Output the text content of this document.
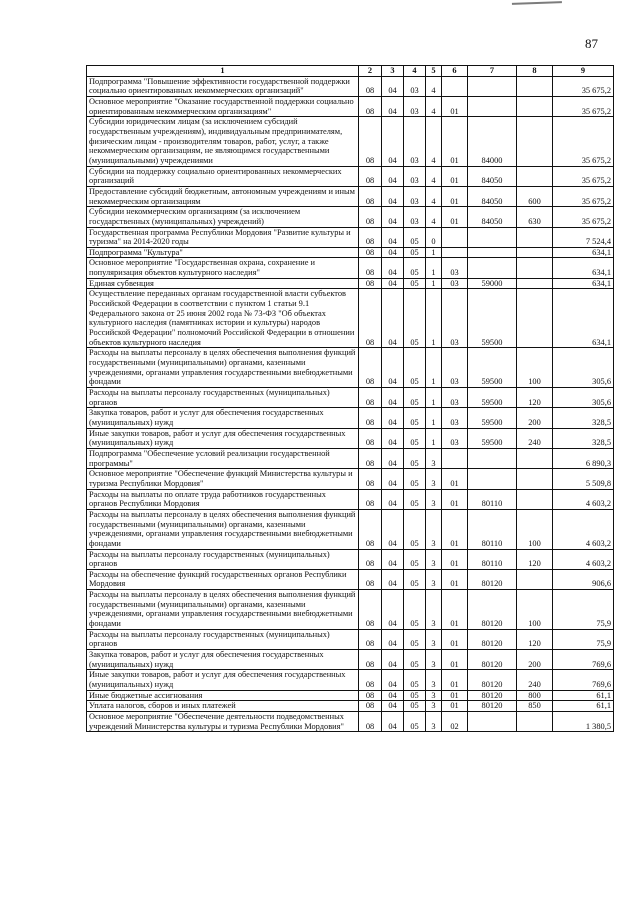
87
1	2	3	4	5	6	7	8	9
Подпрограмма "Повышение эффективности государственной поддержки социально ориентированных некоммерческих организаций"	08	04	03	4				35 675,2
Основное мероприятие "Оказание государственной поддержки социально ориентированным некоммерческим организациям"	08	04	03	4	01			35 675,2
Субсидии юридическим лицам (за исключением субсидий государственным учреждениям), индивидуальным предпринимателям, физическим лицам - производителям товаров, работ, услуг, а также некоммерческим организациям, не являющимся государственными (муниципальными) учреждениями	08	04	03	4	01	84000		35 675,2
Субсидии на поддержку социально ориентированных некоммерческих организаций	08	04	03	4	01	84050		35 675,2
Предоставление субсидий бюджетным, автономным учреждениям и иным некоммерческим организациям	08	04	03	4	01	84050	600	35 675,2
Субсидии некоммерческим организациям (за исключением государственных (муниципальных) учреждений)	08	04	03	4	01	84050	630	35 675,2
Государственная программа Республики Мордовия "Развитие культуры и туризма" на 2014-2020 годы	08	04	05	0				7 524,4
Подпрограмма "Культура"	08	04	05	1				634,1
Основное мероприятие "Государственная охрана, сохранение и популяризация объектов культурного наследия"	08	04	05	1	03			634,1
Единая субвенция	08	04	05	1	03	59000		634,1
Осуществление переданных органам государственной власти субъектов Российской Федерации в соответствии с пунктом 1 статьи 9.1 Федерального закона от 25 июня 2002 года № 73-ФЗ "Об объектах культурного наследия (памятниках истории и культуры) народов Российской Федерации" полномочий Российской Федерации в отношении объектов культурного наследия	08	04	05	1	03	59500		634,1
Расходы на выплаты персоналу в целях обеспечения выполнения функций государственными (муниципальными) органами, казенными учреждениями, органами управления государственными внебюджетными фондами	08	04	05	1	03	59500	100	305,6
Расходы на выплаты персоналу государственных (муниципальных) органов	08	04	05	1	03	59500	120	305,6
Закупка товаров, работ и услуг для обеспечения государственных (муниципальных) нужд	08	04	05	1	03	59500	200	328,5
Иные закупки товаров, работ и услуг для обеспечения государственных (муниципальных) нужд	08	04	05	1	03	59500	240	328,5
Подпрограмма "Обеспечение условий реализации государственной программы"	08	04	05	3				6 890,3
Основное мероприятие "Обеспечение функций Министерства культуры и туризма Республики Мордовия"	08	04	05	3	01			5 509,8
Расходы на выплаты по оплате труда работников государственных органов Республики Мордовия	08	04	05	3	01	80110		4 603,2
Расходы на выплаты персоналу в целях обеспечения выполнения функций государственными (муниципальными) органами, казенными учреждениями, органами управления государственными внебюджетными фондами	08	04	05	3	01	80110	100	4 603,2
Расходы на выплаты персоналу государственных (муниципальных) органов	08	04	05	3	01	80110	120	4 603,2
Расходы на обеспечение функций государственных органов Республики Мордовия	08	04	05	3	01	80120		906,6
Расходы на выплаты персоналу в целях обеспечения выполнения функций государственными (муниципальными) органами, казенными учреждениями, органами управления государственными внебюджетными фондами	08	04	05	3	01	80120	100	75,9
Расходы на выплаты персоналу государственных (муниципальных) органов	08	04	05	3	01	80120	120	75,9
Закупка товаров, работ и услуг для обеспечения государственных (муниципальных) нужд	08	04	05	3	01	80120	200	769,6
Иные закупки товаров, работ и услуг для обеспечения государственных (муниципальных) нужд	08	04	05	3	01	80120	240	769,6
Иные бюджетные ассигнования	08	04	05	3	01	80120	800	61,1
Уплата налогов, сборов и иных платежей	08	04	05	3	01	80120	850	61,1
Основное мероприятие "Обеспечение деятельности подведомственных учреждений Министерства культуры и туризма Республики Мордовия"	08	04	05	3	02			1 380,5
